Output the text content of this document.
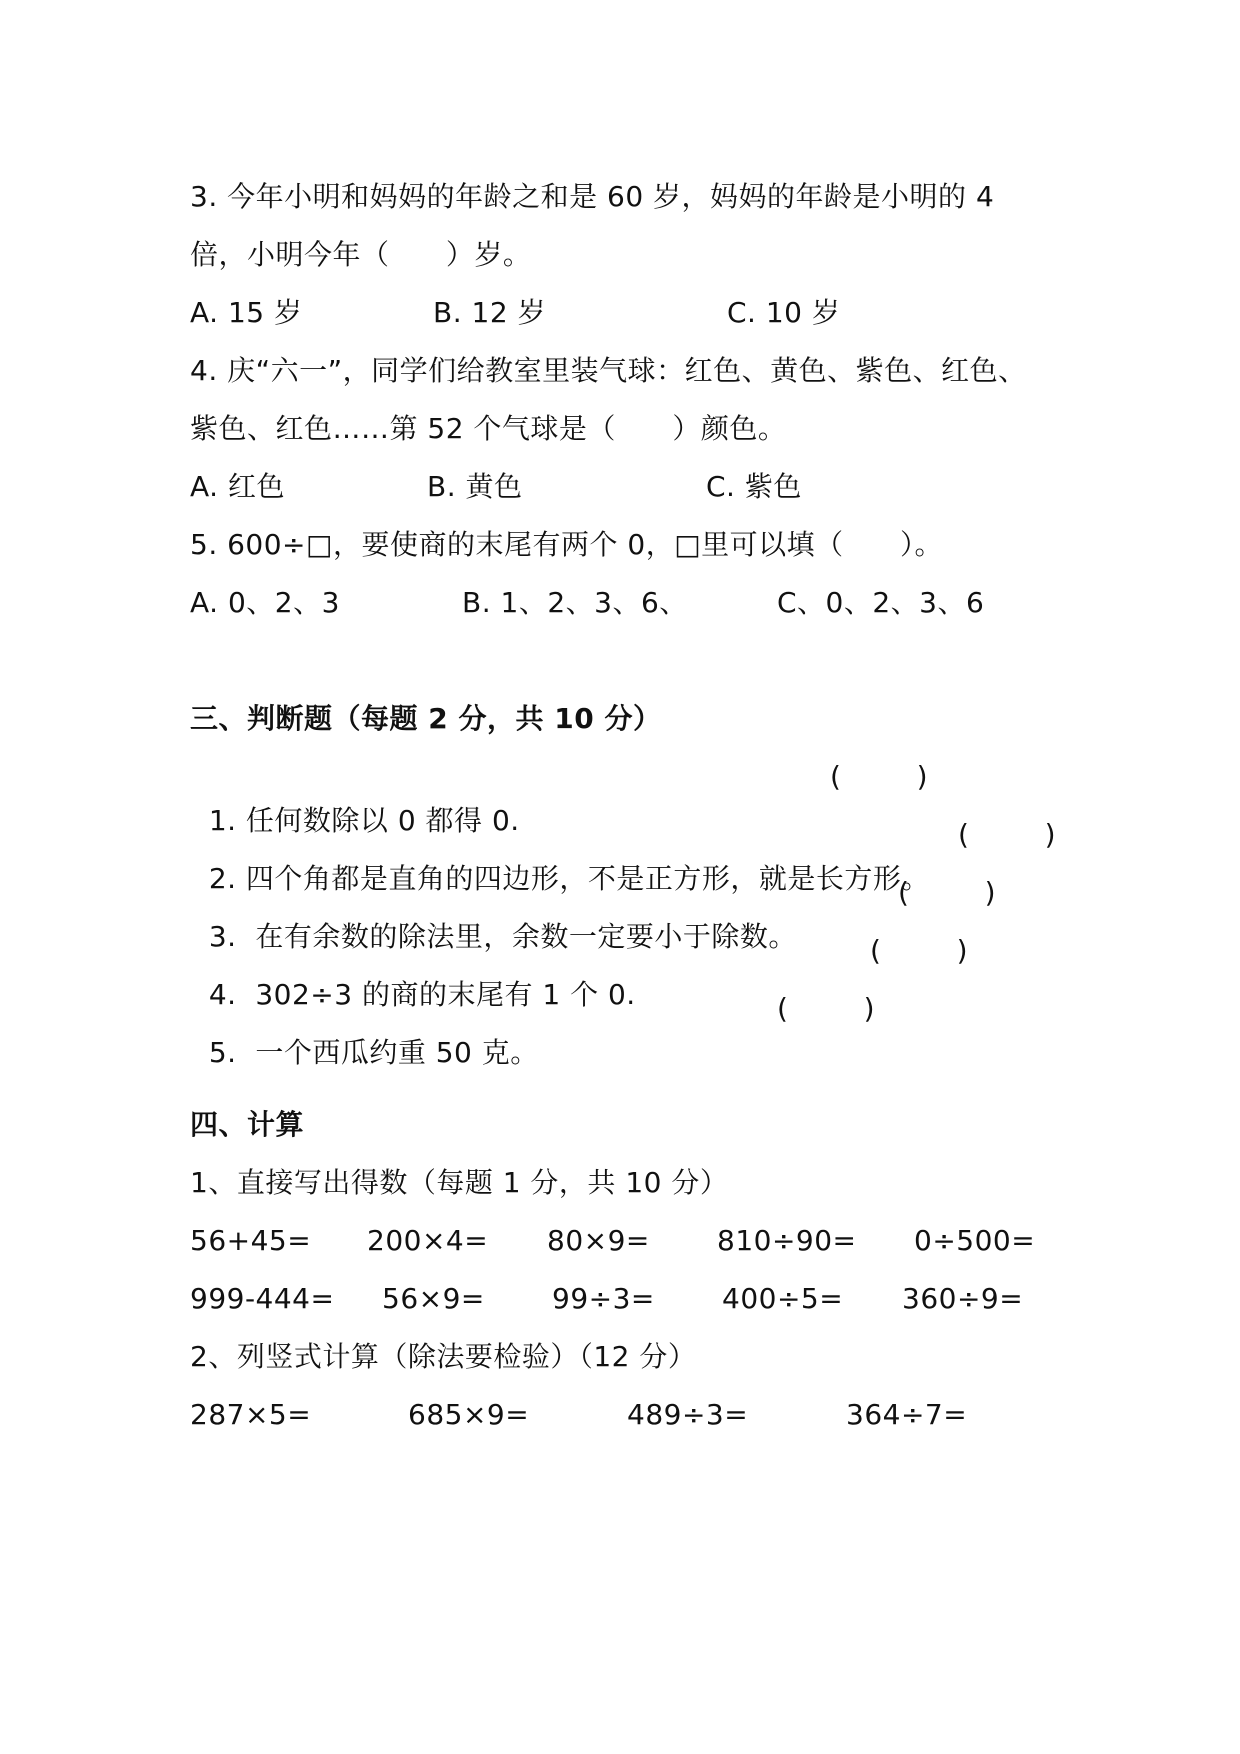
3. 今年小明和妈妈的年龄之和是 60 岁，妈妈的年龄是小明的 4
倍，小明今年（      ）岁。

A. 15 岁

	B. 12 岁

	C. 10 岁

4. 庆“六一”，同学们给教室里装气球：红色、黄色、紫色、红色、
紫色、红色……第 52 个气球是（      ）颜色。

A. 红色

	B. 黄色

	C. 紫色

5. 600÷□，要使商的末尾有两个 0，□里可以填（      ）。

A. 0、2、3

	B. 1、2、3、6、

	C、0、2、3、6

三、判断题（每题 2 分，共 10 分）

1. 任何数除以 0 都得 0.

(        )

2. 四个角都是直角的四边形，不是正方形，就是长方形。

(        )

3.  在有余数的除法里，余数一定要小于除数。

(        )

4.  302÷3 的商的末尾有 1 个 0.

(        )

5.  一个西瓜约重 50 克。

(        )

四、计算
1、直接写出得数（每题 1 分，共 10 分）

56+45=

200×4=

80×9=

810÷90=

0÷500=

999-444=

56×9=

99÷3=

400÷5=

360÷9=

2、列竖式计算（除法要检验）（12 分）

287×5=

	685×9=

	489÷3=

	364÷7=
